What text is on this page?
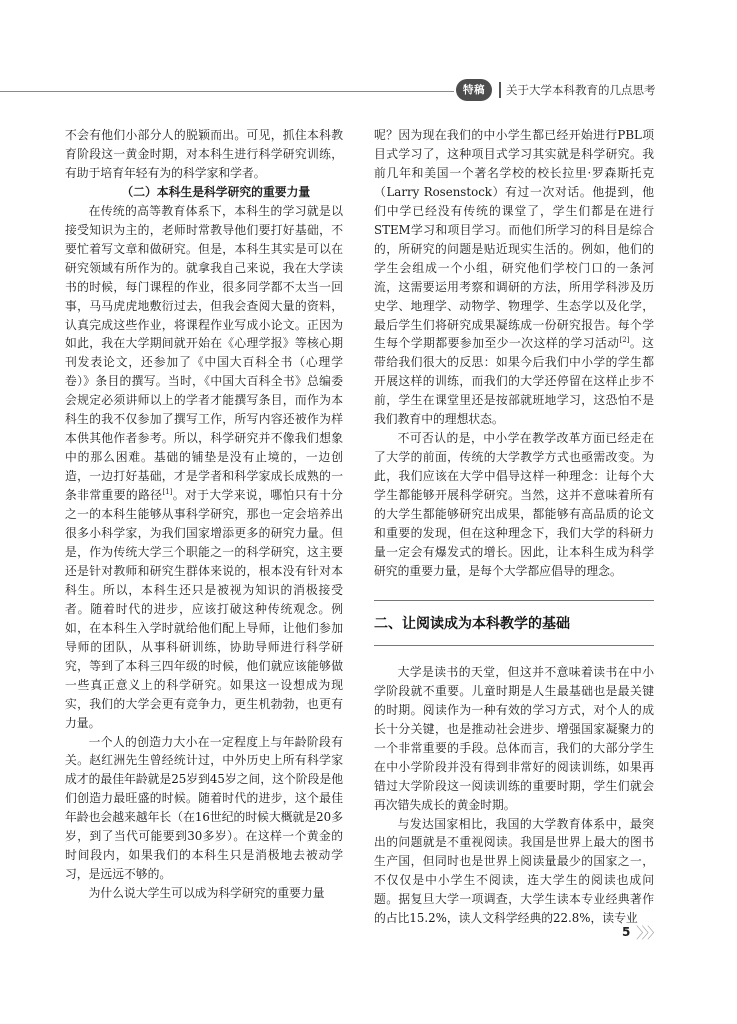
特稿	关于大学本科教育的几点思考

不会有他们小部分人的脱颖而出。可见，抓住本科教育阶段这一黄金时期，对本科生进行科学研究训练，有助于培育年轻有为的科学家和学者。

（二）本科生是科学研究的重要力量

在传统的高等教育体系下，本科生的学习就是以接受知识为主的，老师时常教导他们要打好基础，不要忙着写文章和做研究。但是，本科生其实是可以在研究领域有所作为的。就拿我自己来说，我在大学读书的时候，每门课程的作业，很多同学都不太当一回事，马马虎虎地敷衍过去，但我会查阅大量的资料，认真完成这些作业，将课程作业写成小论文。正因为如此，我在大学期间就开始在《心理学报》等核心期刊发表论文，还参加了《中国大百科全书（心理学卷）》条目的撰写。当时，《中国大百科全书》总编委会规定必须讲师以上的学者才能撰写条目，而作为本科生的我不仅参加了撰写工作，所写内容还被作为样本供其他作者参考。所以，科学研究并不像我们想象中的那么困难。基础的铺垫是没有止境的，一边创造，一边打好基础，才是学者和科学家成长成熟的一条非常重要的路径[1]。对于大学来说，哪怕只有十分之一的本科生能够从事科学研究，那也一定会培养出很多小科学家，为我们国家增添更多的研究力量。但是，作为传统大学三个职能之一的科学研究，这主要还是针对教师和研究生群体来说的，根本没有针对本科生。所以，本科生还只是被视为知识的消极接受者。随着时代的进步，应该打破这种传统观念。例如，在本科生入学时就给他们配上导师，让他们参加导师的团队，从事科研训练，协助导师进行科学研究，等到了本科三四年级的时候，他们就应该能够做一些真正意义上的科学研究。如果这一设想成为现实，我们的大学会更有竞争力，更生机勃勃，也更有力量。

一个人的创造力大小在一定程度上与年龄阶段有关。赵红洲先生曾经统计过，中外历史上所有科学家成才的最佳年龄就是25岁到45岁之间，这个阶段是他们创造力最旺盛的时候。随着时代的进步，这个最佳年龄也会越来越年长（在16世纪的时候大概就是20多岁，到了当代可能要到30多岁）。在这样一个黄金的时间段内，如果我们的本科生只是消极地去被动学习，是远远不够的。

为什么说大学生可以成为科学研究的重要力量

呢？因为现在我们的中小学生都已经开始进行PBL项目式学习了，这种项目式学习其实就是科学研究。我前几年和美国一个著名学校的校长拉里·罗森斯托克（Larry Rosenstock）有过一次对话。他提到，他们中学已经没有传统的课堂了，学生们都是在进行STEM学习和项目学习。而他们所学习的科目是综合的，所研究的问题是贴近现实生活的。例如，他们的学生会组成一个小组，研究他们学校门口的一条河流，这需要运用考察和调研的方法，所用学科涉及历史学、地理学、动物学、物理学、生态学以及化学，最后学生们将研究成果凝练成一份研究报告。每个学生每个学期都要参加至少一次这样的学习活动[2]。这带给我们很大的反思：如果今后我们中小学的学生都开展这样的训练，而我们的大学还停留在这样止步不前，学生在课堂里还是按部就班地学习，这恐怕不是我们教育中的理想状态。

不可否认的是，中小学在教学改革方面已经走在了大学的前面，传统的大学教学方式也亟需改变。为此，我们应该在大学中倡导这样一种理念：让每个大学生都能够开展科学研究。当然，这并不意味着所有的大学生都能够研究出成果，都能够有高品质的论文和重要的发现，但在这种理念下，我们大学的科研力量一定会有爆发式的增长。因此，让本科生成为科学研究的重要力量，是每个大学都应倡导的理念。

二、让阅读成为本科教学的基础

大学是读书的天堂，但这并不意味着读书在中小学阶段就不重要。儿童时期是人生最基础也是最关键的时期。阅读作为一种有效的学习方式，对个人的成长十分关键，也是推动社会进步、增强国家凝聚力的一个非常重要的手段。总体而言，我们的大部分学生在中小学阶段并没有得到非常好的阅读训练，如果再错过大学阶段这一阅读训练的重要时期，学生们就会再次错失成长的黄金时期。

与发达国家相比，我国的大学教育体系中，最突出的问题就是不重视阅读。我国是世界上最大的图书生产国，但同时也是世界上阅读量最少的国家之一，不仅仅是中小学生不阅读，连大学生的阅读也成问题。据复旦大学一项调查，大学生读本专业经典著作的占比15.2%，读人文科学经典的22.8%，读专业

5 〉〉〉
